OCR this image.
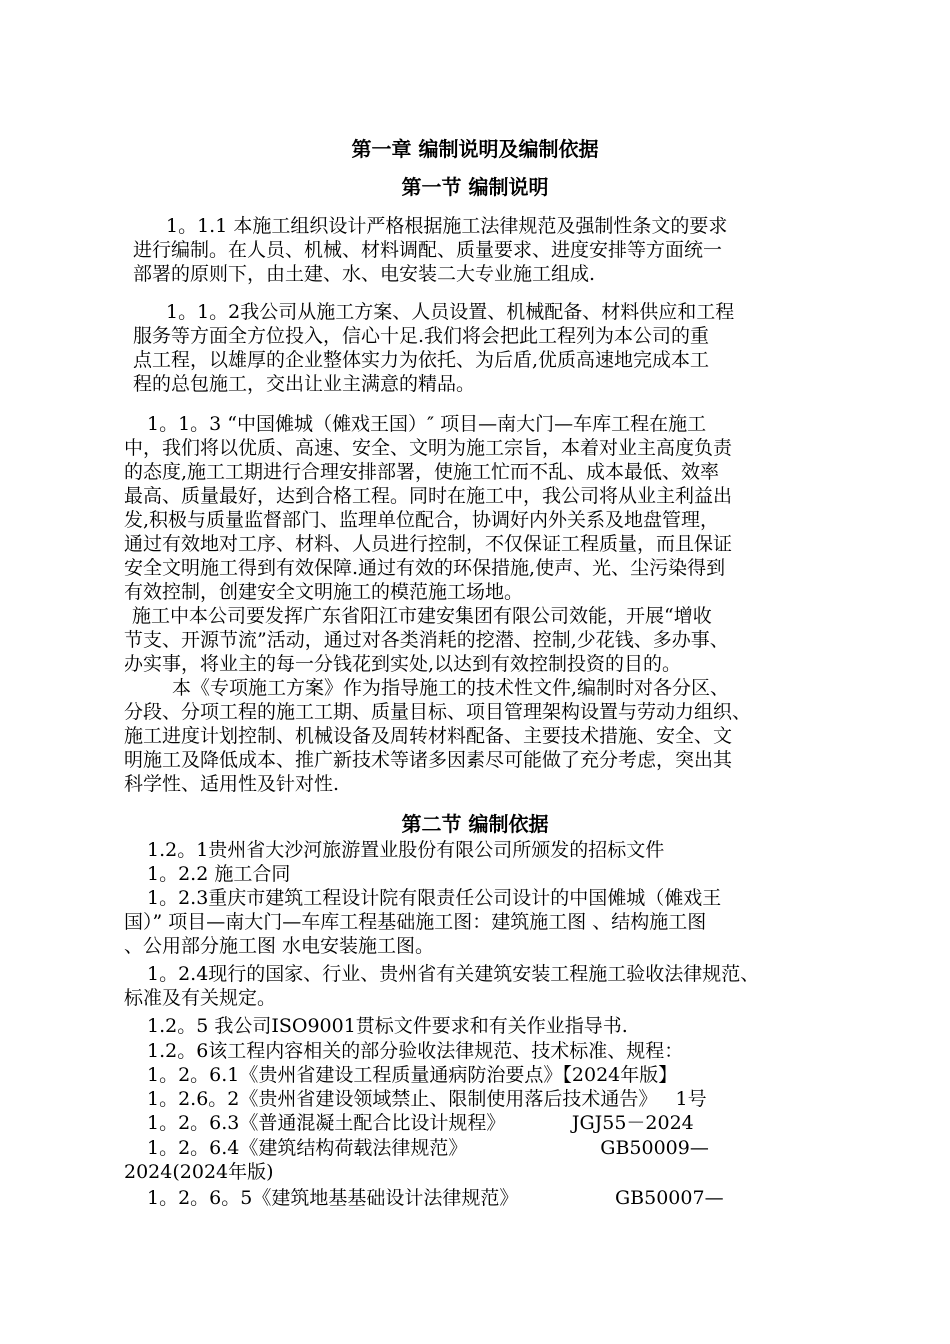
第一章 编制说明及编制依据
第一节 编制说明
1。1.1 本施工组织设计严格根据施工法律规范及强制性条文的要求
进行编制。在人员、机械、材料调配、质量要求、进度安排等方面统一
部署的原则下，由土建、水、电安装二大专业施工组成.
1。1。2我公司从施工方案、人员设置、机械配备、材料供应和工程
服务等方面全方位投入，信心十足.我们将会把此工程列为本公司的重
点工程，以雄厚的企业整体实力为依托、为后盾,优质高速地完成本工
程的总包施工，交出让业主满意的精品。
1。1。3 “中国傩城（傩戏王国）″ 项目—南大门—车库工程在施工
中，我们将以优质、高速、安全、文明为施工宗旨，本着对业主高度负责
的态度,施工工期进行合理安排部署，使施工忙而不乱、成本最低、效率
最高、质量最好，达到合格工程。同时在施工中，我公司将从业主利益出
发,积极与质量监督部门、监理单位配合，协调好内外关系及地盘管理，
通过有效地对工序、材料、人员进行控制，不仅保证工程质量，而且保证
安全文明施工得到有效保障.通过有效的环保措施,使声、光、尘污染得到
有效控制，创建安全文明施工的模范施工场地。
施工中本公司要发挥广东省阳江市建安集团有限公司效能，开展“增收
节支、开源节流”活动，通过对各类消耗的挖潜、控制,少花钱、多办事、
办实事，将业主的每一分钱花到实处,以达到有效控制投资的目的。
本《专项施工方案》作为指导施工的技术性文件,编制时对各分区、
分段、分项工程的施工工期、质量目标、项目管理架构设置与劳动力组织、
施工进度计划控制、机械设备及周转材料配备、主要技术措施、安全、文
明施工及降低成本、推广新技术等诸多因素尽可能做了充分考虑，突出其
科学性、适用性及针对性.
第二节 编制依据
1.2。1贵州省大沙河旅游置业股份有限公司所颁发的招标文件
1。2.2 施工合同
1。2.3重庆市建筑工程设计院有限责任公司设计的中国傩城（傩戏王
国）” 项目—南大门—车库工程基础施工图：建筑施工图 、结构施工图
、公用部分施工图 水电安装施工图。
1。2.4现行的国家、行业、贵州省有关建筑安装工程施工验收法律规范、
标准及有关规定。
1.2。5 我公司ISO9001贯标文件要求和有关作业指导书.
1.2。6该工程内容相关的部分验收法律规范、技术标准、规程：
1。2。6.1《贵州省建设工程质量通病防治要点》【2024年版】
1。2.6。2《贵州省建设领域禁止、限制使用落后技术通告》   1号
1。2。6.3《普通混凝土配合比设计规程》           JGJ55－2024
1。2。6.4《建筑结构荷载法律规范》                      GB50009—
2024(2024年版)
1。2。6。5《建筑地基基础设计法律规范》                GB50007—
